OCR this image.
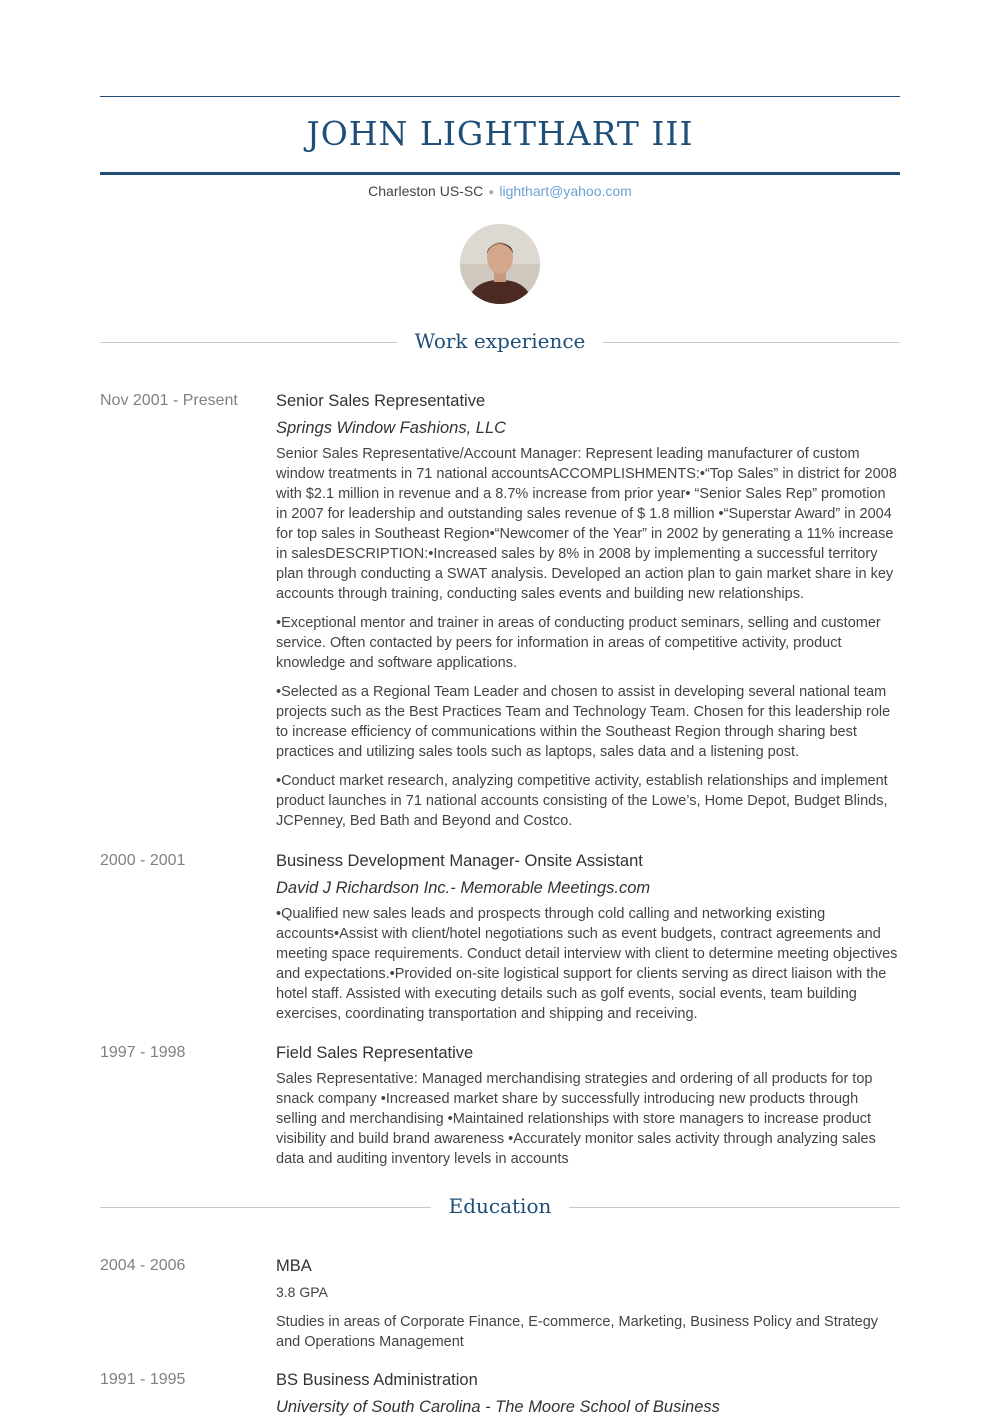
JOHN LIGHTHART III
Charleston US-SC ● lighthart@yahoo.com
Work experience
Nov 2001 - Present	Senior Sales Representative
Springs Window Fashions, LLC

Senior Sales Representative/Account Manager: Represent leading manufacturer of custom window treatments in 71 national accountsACCOMPLISHMENTS:•“Top Sales” in district for 2008 with $2.1 million in revenue and a 8.7% increase from prior year• “Senior Sales Rep” promotion in 2007 for leadership and outstanding sales revenue of $ 1.8 million •“Superstar Award” in 2004 for top sales in Southeast Region•“Newcomer of the Year” in 2002 by generating a 11% increase in salesDESCRIPTION:•Increased sales by 8% in 2008 by implementing a successful territory plan through conducting a SWAT analysis. Developed an action plan to gain market share in key accounts through training, conducting sales events and building new relationships.

•Exceptional mentor and trainer in areas of conducting product seminars, selling and customer service. Often contacted by peers for information in areas of competitive activity, product knowledge and software applications.

•Selected as a Regional Team Leader and chosen to assist in developing several national team projects such as the Best Practices Team and Technology Team. Chosen for this leadership role to increase efficiency of communications within the Southeast Region through sharing best practices and utilizing sales tools such as laptops, sales data and a listening post.

•Conduct market research, analyzing competitive activity, establish relationships and implement product launches in 71 national accounts consisting of the Lowe’s, Home Depot, Budget Blinds, JCPenney, Bed Bath and Beyond and Costco.

2000 - 2001	Business Development Manager- Onsite Assistant
David J Richardson Inc.- Memorable Meetings.com

•Qualified new sales leads and prospects through cold calling and networking existing accounts•Assist with client/hotel negotiations such as event budgets, contract agreements and meeting space requirements. Conduct detail interview with client to determine meeting objectives and expectations.•Provided on-site logistical support for clients serving as direct liaison with the hotel staff. Assisted with executing details such as golf events, social events, team building exercises, coordinating transportation and shipping and receiving.

1997 - 1998	Field Sales Representative

Sales Representative: Managed merchandising strategies and ordering of all products for top snack company •Increased market share by successfully introducing new products through selling and merchandising •Maintained relationships with store managers to increase product visibility and build brand awareness •Accurately monitor sales activity through analyzing sales data and auditing inventory levels in accounts

Education
2004 - 2006	MBA
3.8 GPA

Studies in areas of Corporate Finance, E-commerce, Marketing, Business Policy and Strategy and Operations Management

1991 - 1995	BS Business Administration
University of South Carolina - The Moore School of Business
